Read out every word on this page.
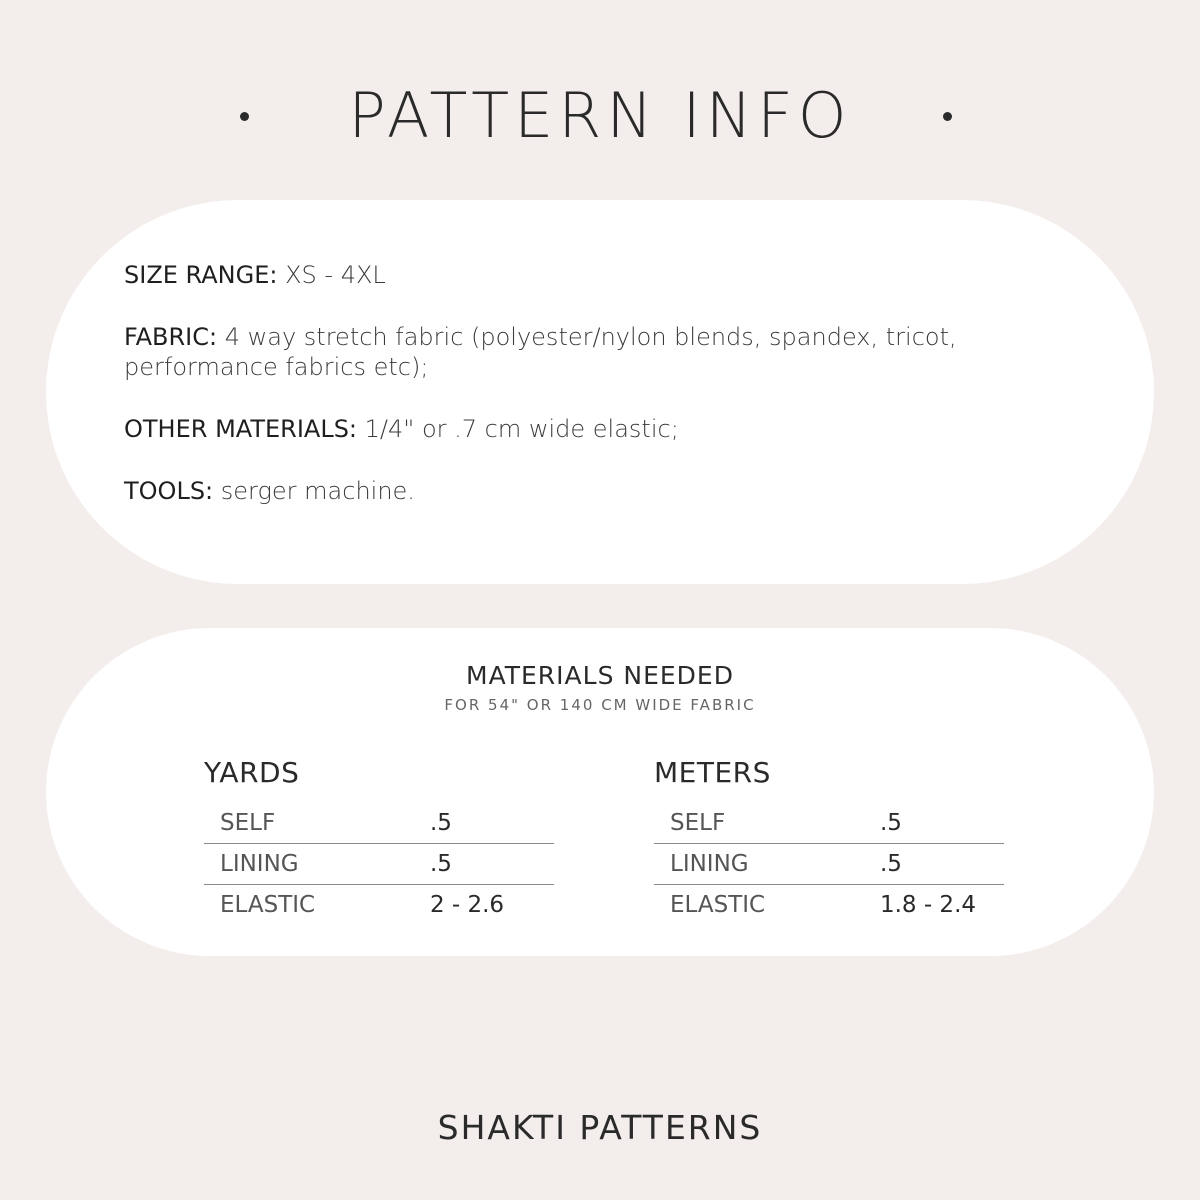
PATTERN INFO
SIZE RANGE: XS - 4XL
FABRIC: 4 way stretch fabric (polyester/nylon blends, spandex, tricot, performance fabrics etc);
OTHER MATERIALS: 1/4" or .7 cm wide elastic;
TOOLS: serger machine.
MATERIALS NEEDED
FOR 54" OR 140 CM WIDE FABRIC
YARDS
SELF	.5
LINING	.5
ELASTIC	2 - 2.6
METERS
SELF	.5
LINING	.5
ELASTIC	1.8 - 2.4
SHAKTI PATTERNS
